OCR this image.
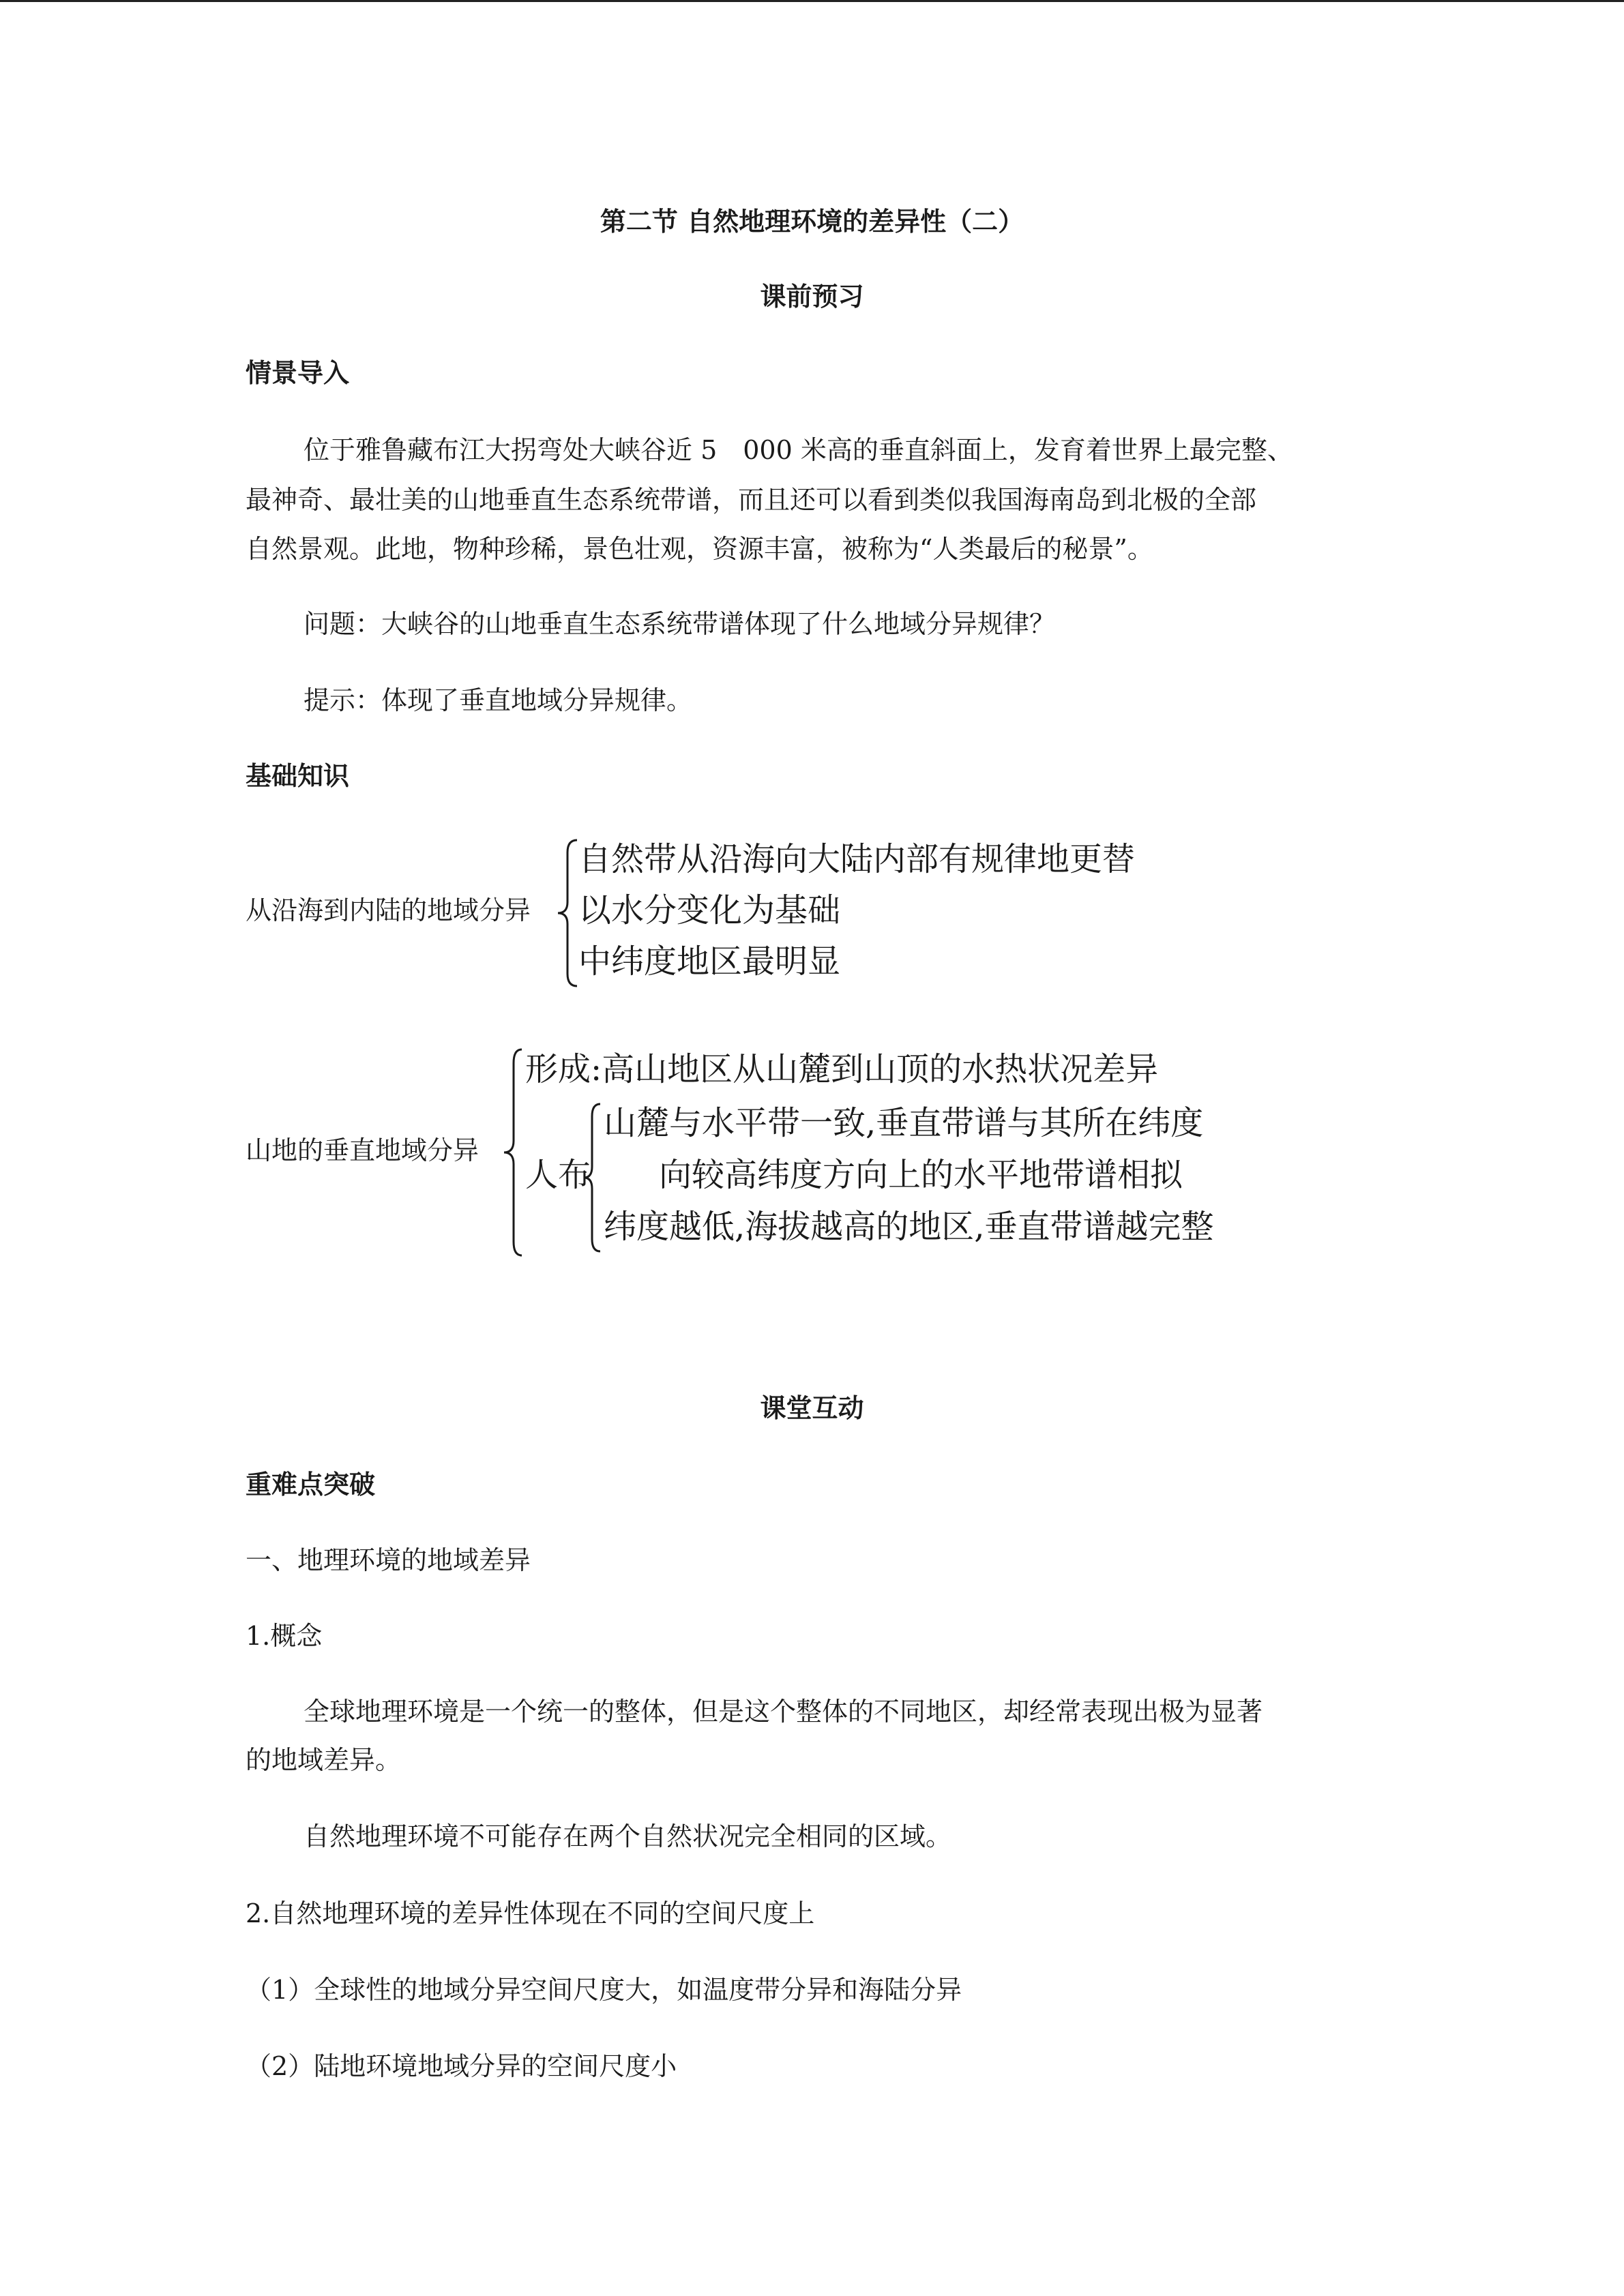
第二节 自然地理环境的差异性（二）
课前预习
情景导入
位于雅鲁藏布江大拐弯处大峡谷近 5　000 米高的垂直斜面上，发育着世界上最完整、
最神奇、最壮美的山地垂直生态系统带谱，而且还可以看到类似我国海南岛到北极的全部
自然景观。此地，物种珍稀，景色壮观，资源丰富，被称为“人类最后的秘景”。
问题：大峡谷的山地垂直生态系统带谱体现了什么地域分异规律？
提示：体现了垂直地域分异规律。
基础知识
从沿海到内陆的地域分异
自然带从沿海向大陆内部有规律地更替
以水分变化为基础
中纬度地区最明显
山地的垂直地域分异
形成:高山地区从山麓到山顶的水热状况差异
人布
山麓与水平带一致,垂直带谱与其所在纬度
向较高纬度方向上的水平地带谱相拟
纬度越低,海拔越高的地区,垂直带谱越完整
课堂互动
重难点突破
一、地理环境的地域差异
1.概念
全球地理环境是一个统一的整体，但是这个整体的不同地区，却经常表现出极为显著
的地域差异。
自然地理环境不可能存在两个自然状况完全相同的区域。
2.自然地理环境的差异性体现在不同的空间尺度上
（1）全球性的地域分异空间尺度大，如温度带分异和海陆分异
（2）陆地环境地域分异的空间尺度小
